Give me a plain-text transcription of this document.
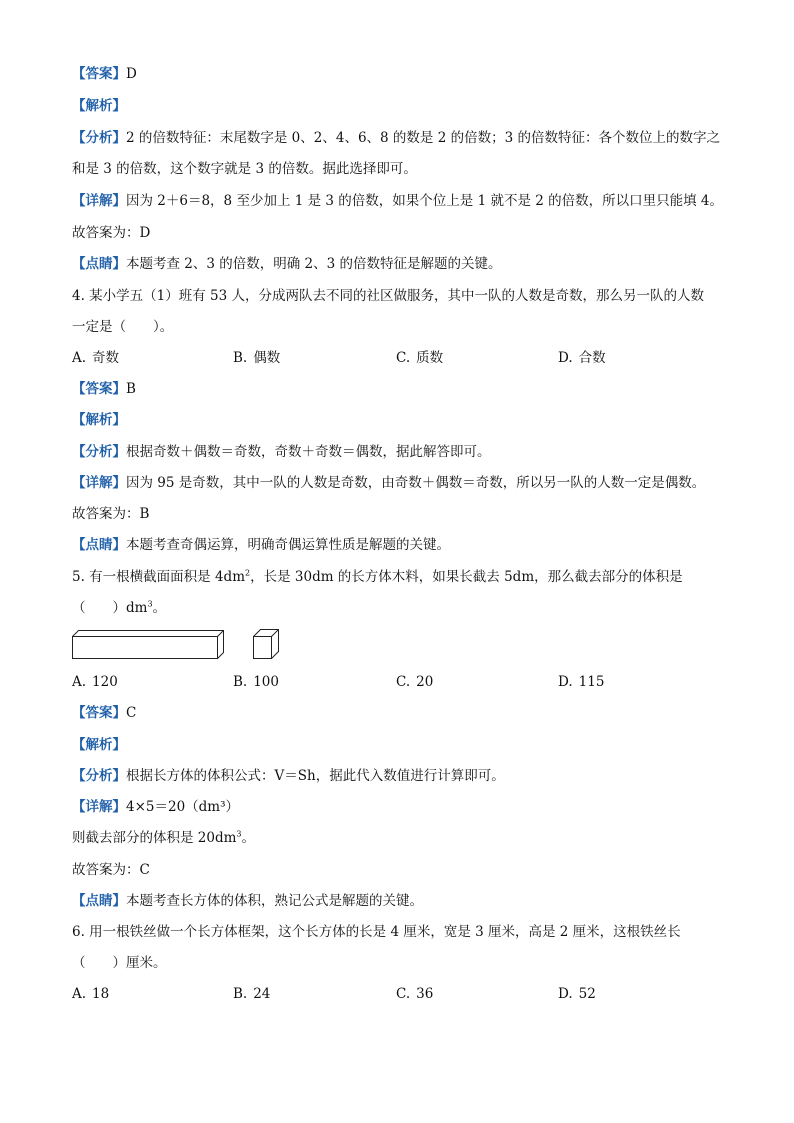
【答案】D
【解析】
【分析】2 的倍数特征：末尾数字是 0、2、4、6、8 的数是 2 的倍数；3 的倍数特征：各个数位上的数字之
和是 3 的倍数，这个数字就是 3 的倍数。据此选择即可。
【详解】因为 2＋6＝8，8 至少加上 1 是 3 的倍数，如果个位上是 1 就不是 2 的倍数，所以口里只能填 4。
故答案为：D
【点睛】本题考查 2、3 的倍数，明确 2、3 的倍数特征是解题的关键。
4. 某小学五（1）班有 53 人，分成两队去不同的社区做服务，其中一队的人数是奇数，那么另一队的人数
一定是（　　）。
A. 奇数	B. 偶数	C. 质数	D. 合数
【答案】B
【解析】
【分析】根据奇数＋偶数＝奇数，奇数＋奇数＝偶数，据此解答即可。
【详解】因为 95 是奇数，其中一队的人数是奇数，由奇数＋偶数＝奇数，所以另一队的人数一定是偶数。
故答案为：B
【点睛】本题考查奇偶运算，明确奇偶运算性质是解题的关键。
5. 有一根横截面面积是 $4dm^2$，长是 30dm 的长方体木料，如果长截去 5dm，那么截去部分的体积是
（　　）$dm^3$。
A. 120	B. 100	C. 20	D. 115
【答案】C
【解析】
【分析】根据长方体的体积公式：V＝Sh，据此代入数值进行计算即可。
【详解】4×5＝20（dm³）
则截去部分的体积是 $20dm^3$。
故答案为：C
【点睛】本题考查长方体的体积，熟记公式是解题的关键。
6. 用一根铁丝做一个长方体框架，这个长方体的长是 4 厘米，宽是 3 厘米，高是 2 厘米，这根铁丝长
（　　）厘米。
A. 18	B. 24	C. 36	D. 52
